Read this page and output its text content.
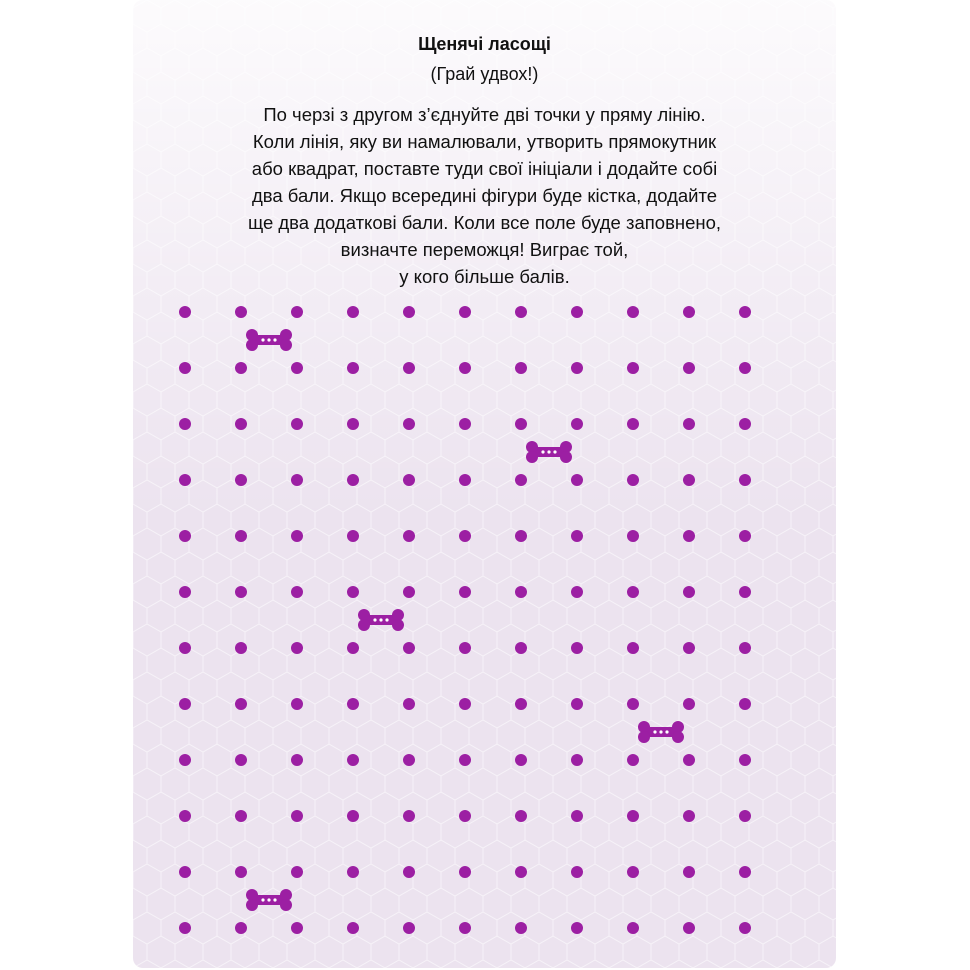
Щенячі ласощі
(Грай удвох!)
По черзі з другом з’єднуйте дві точки у пряму лінію.
Коли лінія, яку ви намалювали, утворить прямокутник
або квадрат, поставте туди свої ініціали і додайте собі
два бали. Якщо всередині фігури буде кістка, додайте
ще два додаткові бали. Коли все поле буде заповнено,
визначте переможця! Виграє той,
у кого більше балів.
